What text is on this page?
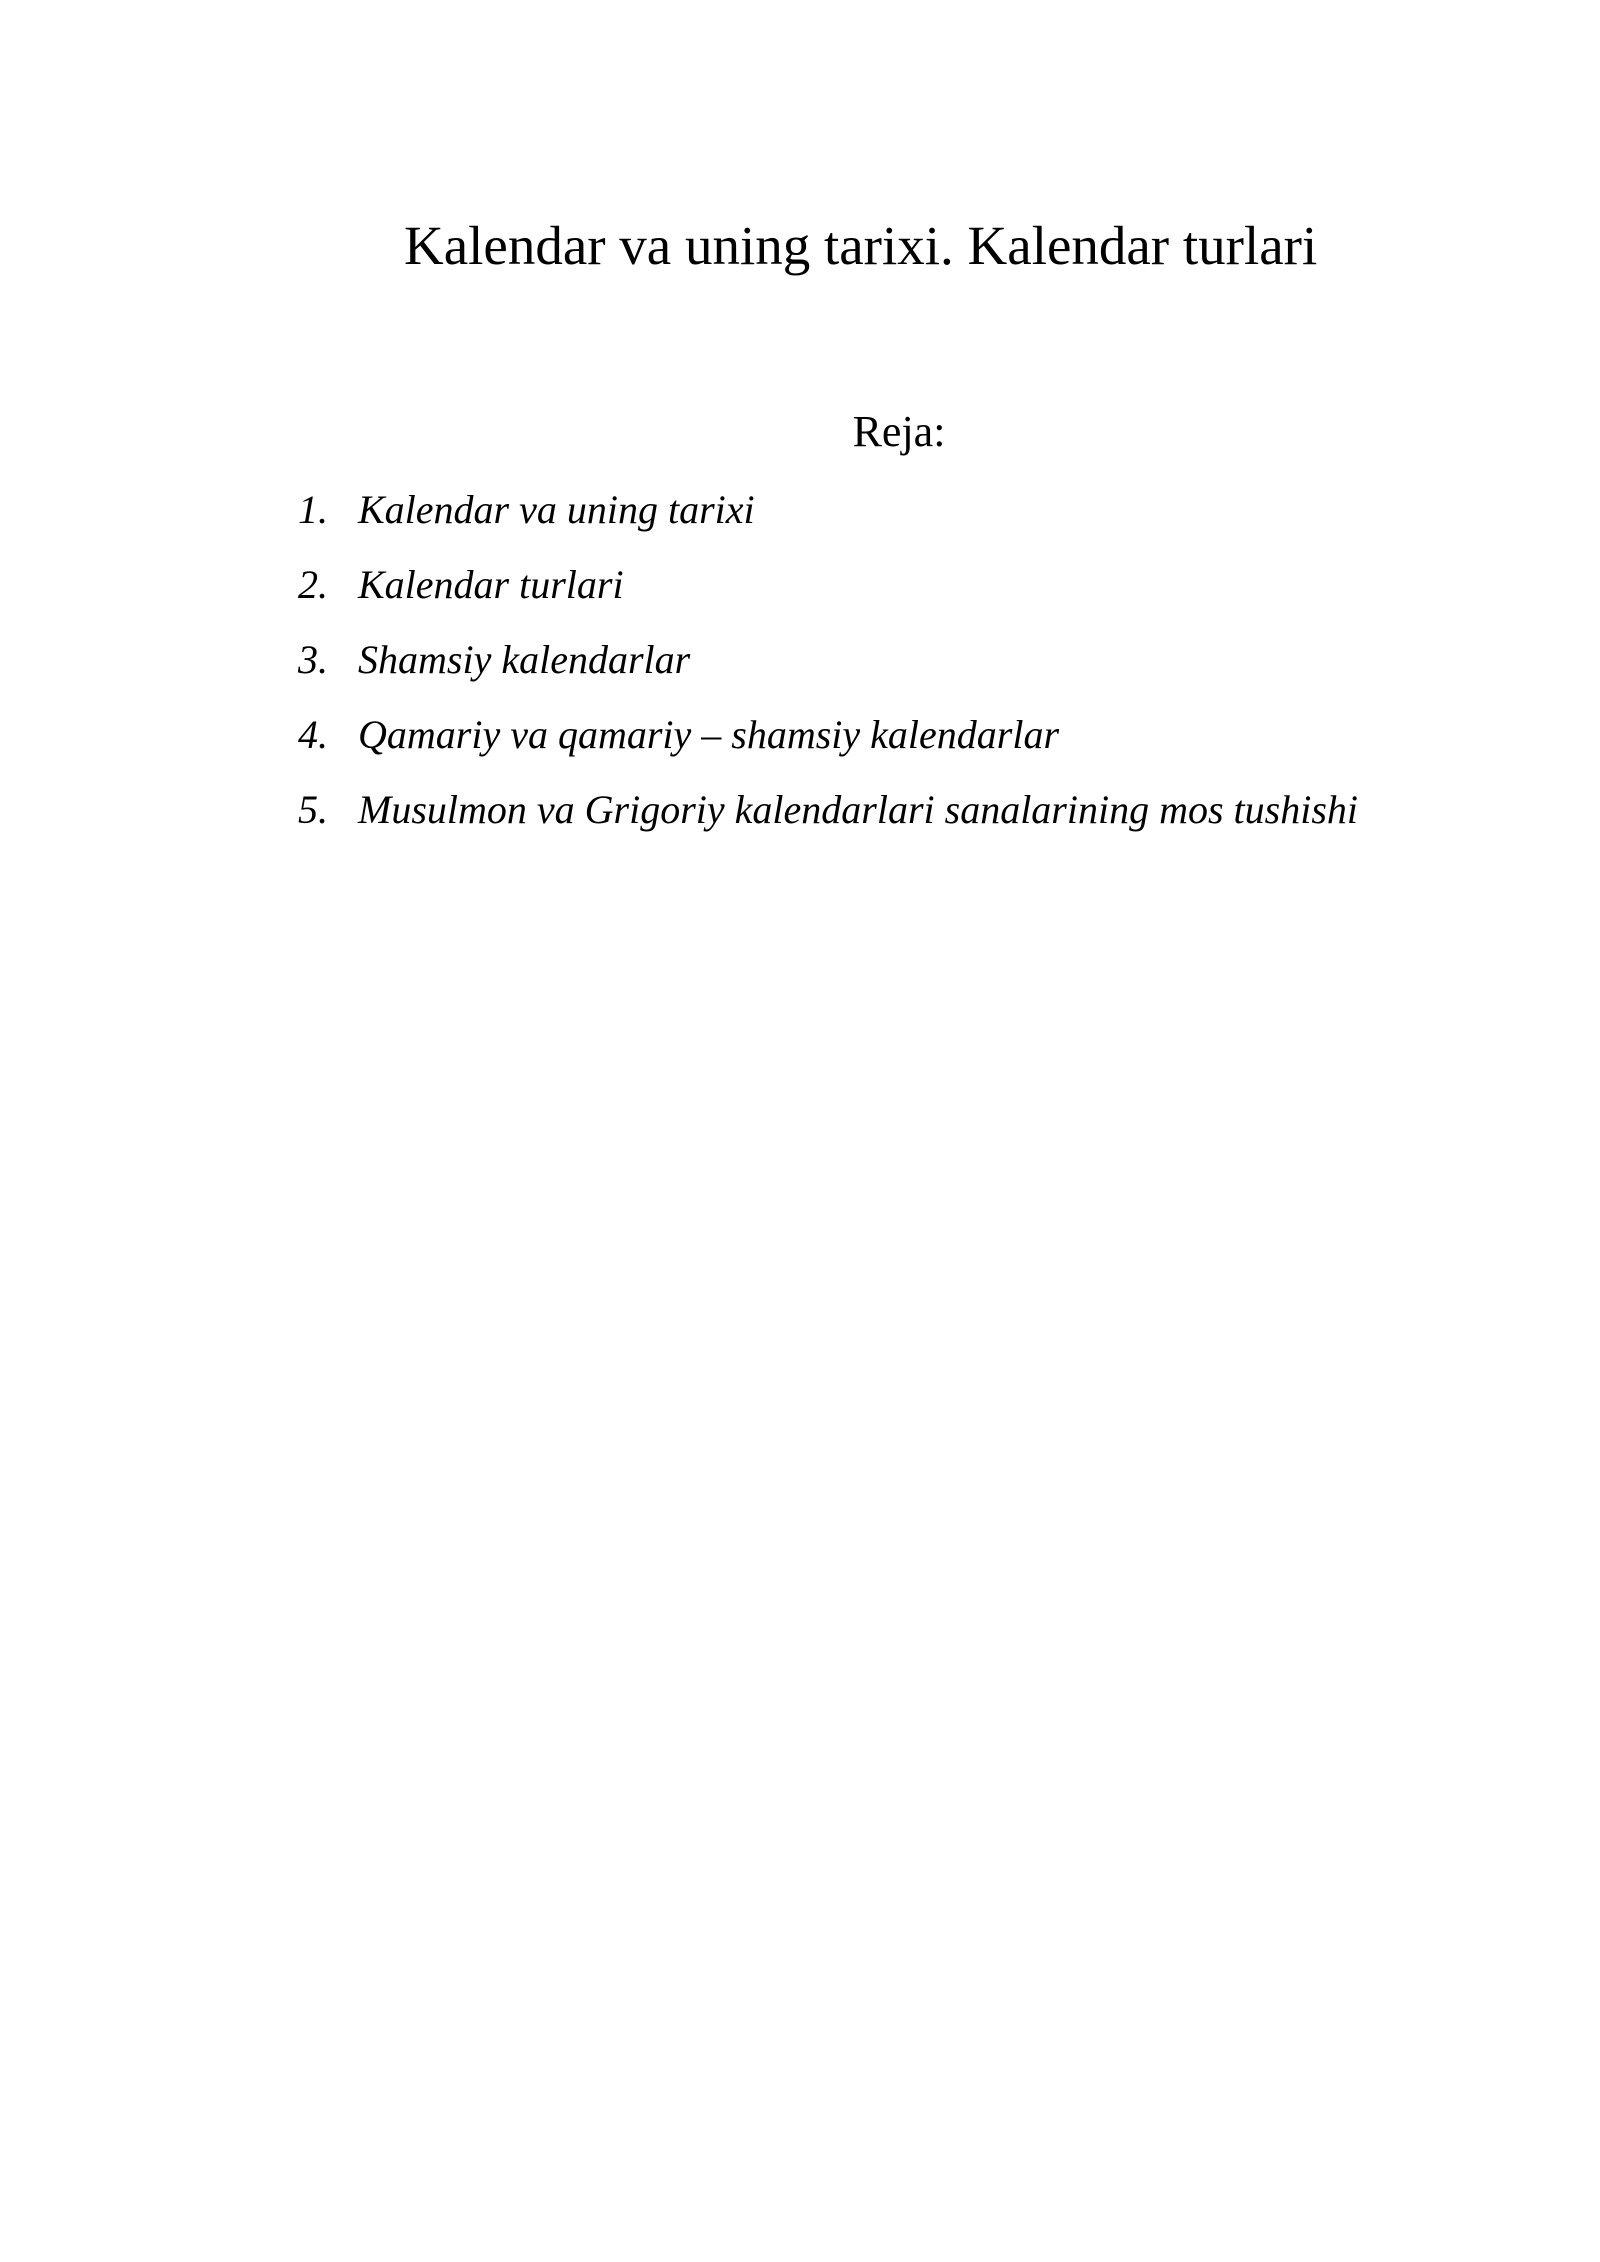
Kalendar va uning tarixi. Kalendar turlari
Reja:
1. Kalendar va uning tarixi
2. Kalendar turlari
3. Shamsiy kalendarlar
4. Qamariy va qamariy – shamsiy kalendarlar
5. Musulmon va Grigoriy kalendarlari sanalarining mos tushishi
